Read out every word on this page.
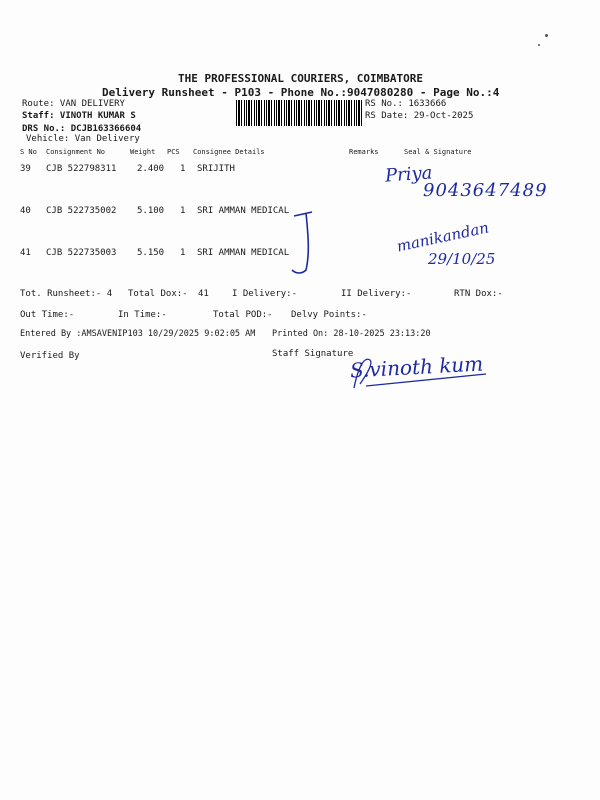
THE PROFESSIONAL COURIERS, COIMBATORE
Delivery Runsheet - P103 - Phone No.:9047080280 - Page No.:4
Route: VAN DELIVERY
Staff: VINOTH KUMAR S
DRS No.: DCJB163366604
Vehicle: Van Delivery
RS No.: 1633666
RS Date: 29-Oct-2025
S No Consignment No	Weight PCS Consignee Details	Remarks	Seal & Signature
39 CJB 522798311 2.400 1 SRIJITH
40 CJB 522735002 5.100 1 SRI AMMAN MEDICAL
41 CJB 522735003 5.150 1 SRI AMMAN MEDICAL
Priya
9043647489
manikandan
29/10/25
Tot. Runsheet:- 4 Total Dox:- 41	I Delivery:-	II Delivery:-	RTN Dox:-
Out Time:-	In Time:-	Total POD:- Delvy Points:-
Entered By :AMSAVENIP103 10/29/2025 9:02:05 AM Printed On: 28-10-2025 23:13:20
Verified By	Staff Signature
S.vinoth kum
